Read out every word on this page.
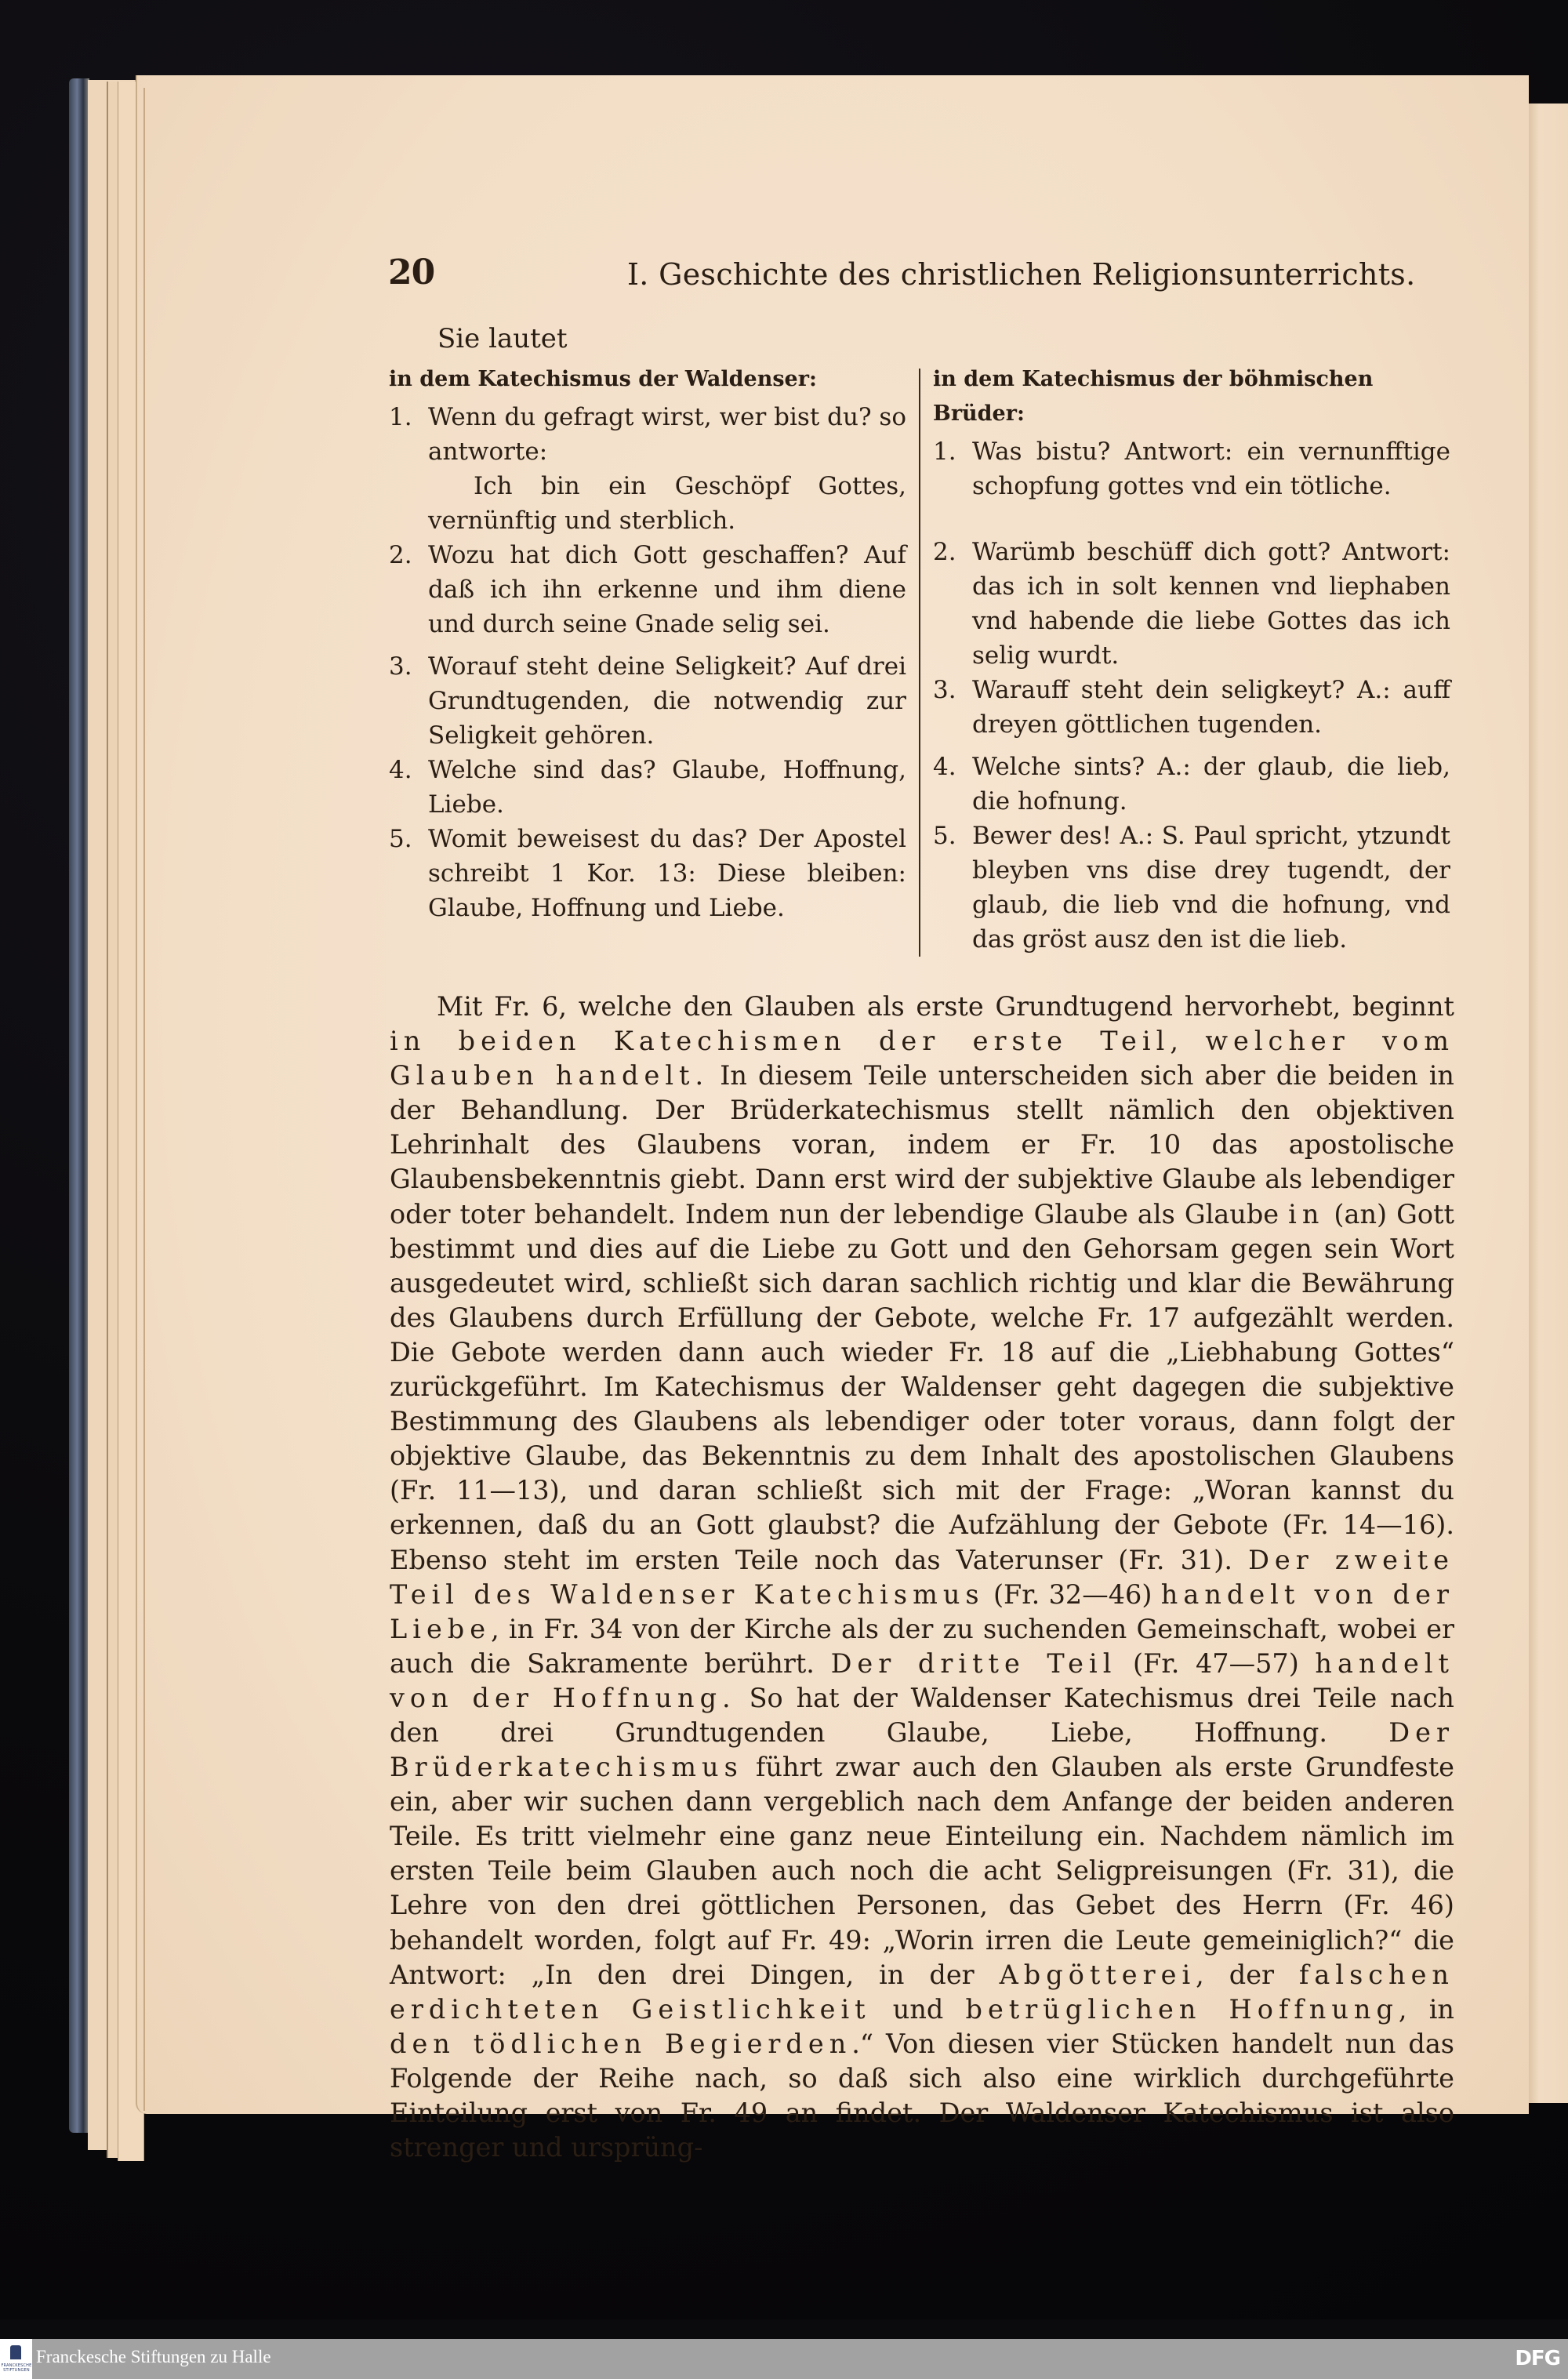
20	I. Geschichte des christlichen Religionsunterrichts.
Sie lautet
in dem Katechismus der Waldenser:
1. Wenn du gefragt wirst, wer bist du? so antworte:
Ich bin ein Geschöpf Gottes, vernünftig und sterblich.
2. Wozu hat dich Gott geschaffen? Auf daß ich ihn erkenne und ihm diene und durch seine Gnade selig sei.
3. Worauf steht deine Seligkeit? Auf drei Grundtugenden, die notwendig zur Seligkeit gehören.
4. Welche sind das? Glaube, Hoffnung, Liebe.
5. Womit beweisest du das? Der Apostel schreibt 1 Kor. 13: Diese bleiben: Glaube, Hoffnung und Liebe.
in dem Katechismus der böhmischen Brüder:
1. Was bistu? Antwort: ein vernunfftige schopfung gottes vnd ein tötliche.
2. Warümb beschüff dich gott? Antwort: das ich in solt kennen vnd liephaben vnd habende die liebe Gottes das ich selig wurdt.
3. Warauff steht dein seligkeyt? A.: auff dreyen göttlichen tugenden.
4. Welche sints? A.: der glaub, die lieb, die hofnung.
5. Bewer des! A.: S. Paul spricht, ytzundt bleyben vns dise drey tugendt, der glaub, die lieb vnd die hofnung, vnd das gröst ausz den ist die lieb.

Mit Fr. 6, welche den Glauben als erste Grundtugend hervorhebt, beginnt in beiden Katechismen der erste Teil, welcher vom Glauben handelt. In diesem Teile unterscheiden sich aber die beiden in der Behandlung. Der Brüderkatechismus stellt nämlich den objektiven Lehrinhalt des Glaubens voran, indem er Fr. 10 das apostolische Glaubensbekenntnis giebt. Dann erst wird der subjektive Glaube als lebendiger oder toter behandelt. Indem nun der lebendige Glaube als Glaube in (an) Gott bestimmt und dies auf die Liebe zu Gott und den Gehorsam gegen sein Wort ausgedeutet wird, schließt sich daran sachlich richtig und klar die Bewährung des Glaubens durch Erfüllung der Gebote, welche Fr. 17 aufgezählt werden. Die Gebote werden dann auch wieder Fr. 18 auf die „Liebhabung Gottes“ zurückgeführt. Im Katechismus der Waldenser geht dagegen die subjektive Bestimmung des Glaubens als lebendiger oder toter voraus, dann folgt der objektive Glaube, das Bekenntnis zu dem Inhalt des apostolischen Glaubens (Fr. 11—13), und daran schließt sich mit der Frage: „Woran kannst du erkennen, daß du an Gott glaubst? die Aufzählung der Gebote (Fr. 14—16). Ebenso steht im ersten Teile noch das Vaterunser (Fr. 31). Der zweite Teil des Waldenser Katechismus (Fr. 32—46) handelt von der Liebe, in Fr. 34 von der Kirche als der zu suchenden Gemeinschaft, wobei er auch die Sakramente berührt. Der dritte Teil (Fr. 47—57) handelt von der Hoffnung. So hat der Waldenser Katechismus drei Teile nach den drei Grundtugenden Glaube, Liebe, Hoffnung. Der Brüderkatechismus führt zwar auch den Glauben als erste Grundfeste ein, aber wir suchen dann vergeblich nach dem Anfange der beiden anderen Teile. Es tritt vielmehr eine ganz neue Einteilung ein. Nachdem nämlich im ersten Teile beim Glauben auch noch die acht Seligpreisungen (Fr. 31), die Lehre von den drei göttlichen Personen, das Gebet des Herrn (Fr. 46) behandelt worden, folgt auf Fr. 49: „Worin irren die Leute gemeiniglich?“ die Antwort: „In den drei Dingen, in der Abgötterei, der falschen erdichteten Geistlichkeit und betrüglichen Hoffnung, in den tödlichen Begierden.“ Von diesen vier Stücken handelt nun das Folgende der Reihe nach, so daß sich also eine wirklich durchgeführte Einteilung erst von Fr. 49 an findet. Der Waldenser Katechismus ist also strenger und ursprüng-

FRANCKESCHE STIFTUNGEN
Franckesche Stiftungen zu Halle	DFG
